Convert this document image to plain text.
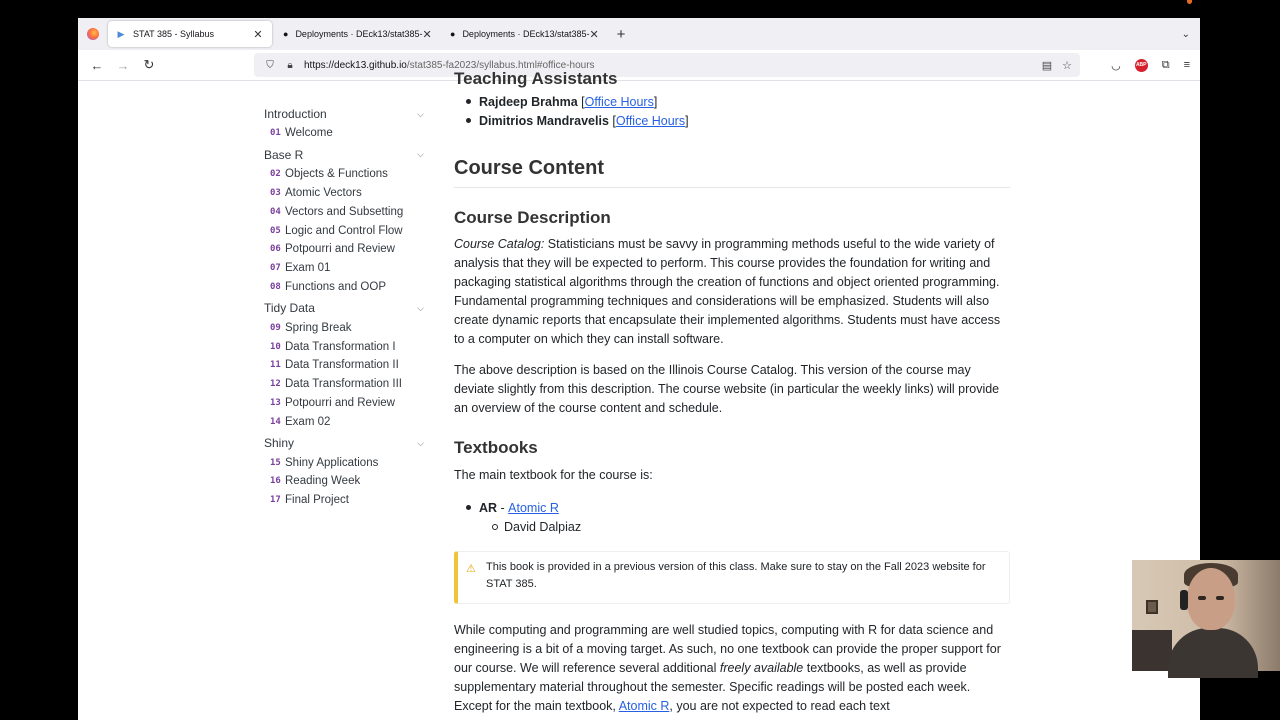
▶ STAT 385 - Syllabus	✕ ● Deployments · DEck13/stat385- ✕ ● Deployments · DEck13/stat385- ✕	+	⌄
←	→	↻	⛉	🔒︎	https://deck13.github.io/stat385-fa2023/syllabus.html#office-hours	▤ ☆	◡	ABP ⧉ ≡
Introduction	⌵
01 Welcome
Base R	⌵
02 Objects & Functions
03 Atomic Vectors
04 Vectors and Subsetting
05 Logic and Control Flow
06 Potpourri and Review
07 Exam 01
08 Functions and OOP
Tidy Data	⌵
09 Spring Break
10 Data Transformation I
11 Data Transformation II
12 Data Transformation III
13 Potpourri and Review
14 Exam 02
Shiny	⌵
15 Shiny Applications
16 Reading Week
17 Final Project
Teaching Assistants
Rajdeep Brahma [ Office Hours ]
Dimitrios Mandravelis [ Office Hours ]
Course Content
Course Description

Course Catalog: Statisticians must be savvy in programming methods useful to the wide variety of analysis that they will be expected to perform. This course provides the foundation for writing and packaging statistical algorithms through the creation of functions and object oriented programming. Fundamental programming techniques and considerations will be emphasized. Students will also create dynamic reports that encapsulate their implemented algorithms. Students must have access to a computer on which they can install software.

The above description is based on the Illinois Course Catalog. This version of the course may deviate slightly from this description. The course website (in particular the weekly links) will provide an overview of the course content and schedule.

Textbooks

The main textbook for the course is:

AR - Atomic R
David Dalpiaz
⚠ This book is provided in a previous version of this class. Make sure to stay on the Fall 2023 website for STAT 385.

While computing and programming are well studied topics, computing with R for data science and engineering is a bit of a moving target. As such, no one textbook can provide the proper support for our course. We will reference several additional freely available textbooks, as well as provide supplementary material throughout the semester. Specific readings will be posted each week. Except for the main textbook, Atomic R, you are not expected to read each text
